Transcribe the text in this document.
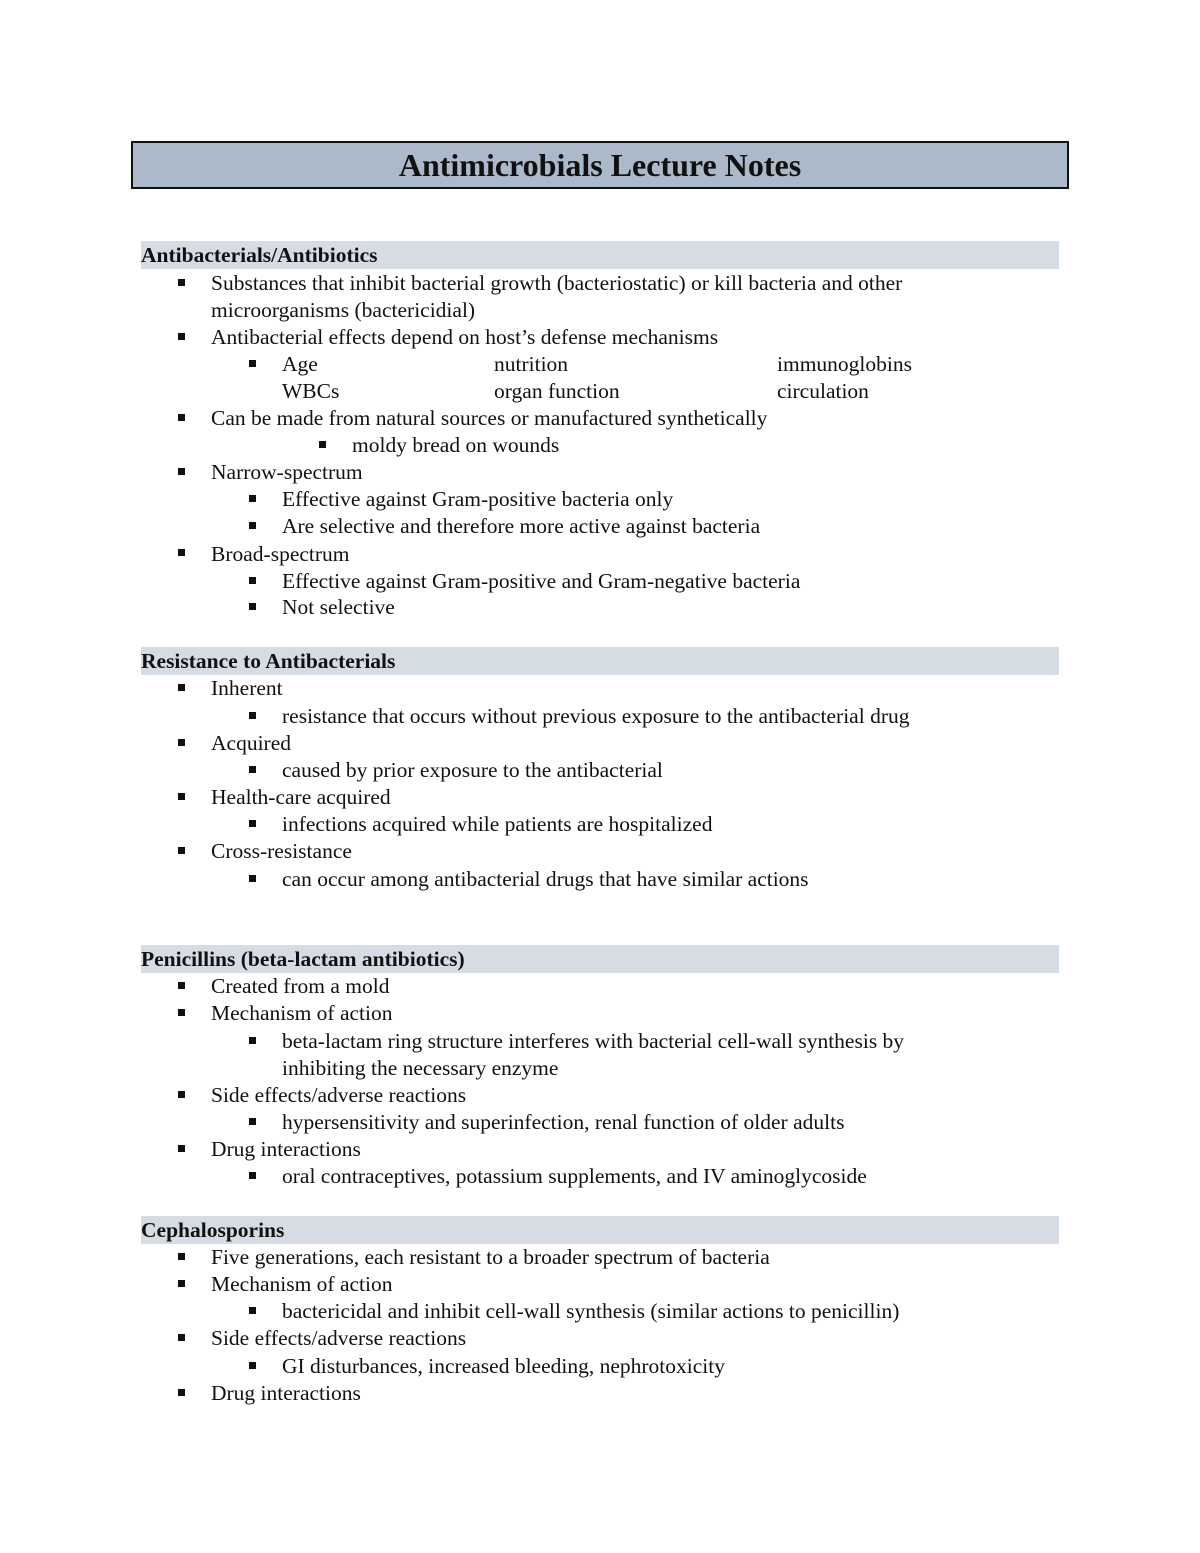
Antimicrobials Lecture Notes
Antibacterials/Antibiotics
Substances that inhibit bacterial growth (bacteriostatic) or kill bacteria and other
microorganisms (bactericidial)
Antibacterial effects depend on host’s defense mechanisms
Age	nutrition	immunoglobins
WBCs	organ function	circulation
Can be made from natural sources or manufactured synthetically
moldy bread on wounds
Narrow-spectrum
Effective against Gram-positive bacteria only
Are selective and therefore more active against bacteria
Broad-spectrum
Effective against Gram-positive and Gram-negative bacteria
Not selective
Resistance to Antibacterials
Inherent
resistance that occurs without previous exposure to the antibacterial drug
Acquired
caused by prior exposure to the antibacterial
Health-care acquired
infections acquired while patients are hospitalized
Cross-resistance
can occur among antibacterial drugs that have similar actions
Penicillins (beta-lactam antibiotics)
Created from a mold
Mechanism of action
beta-lactam ring structure interferes with bacterial cell-wall synthesis by
inhibiting the necessary enzyme
Side effects/adverse reactions
hypersensitivity and superinfection, renal function of older adults
Drug interactions
oral contraceptives, potassium supplements, and IV aminoglycoside
Cephalosporins
Five generations, each resistant to a broader spectrum of bacteria
Mechanism of action
bactericidal and inhibit cell-wall synthesis (similar actions to penicillin)
Side effects/adverse reactions
GI disturbances, increased bleeding, nephrotoxicity
Drug interactions
